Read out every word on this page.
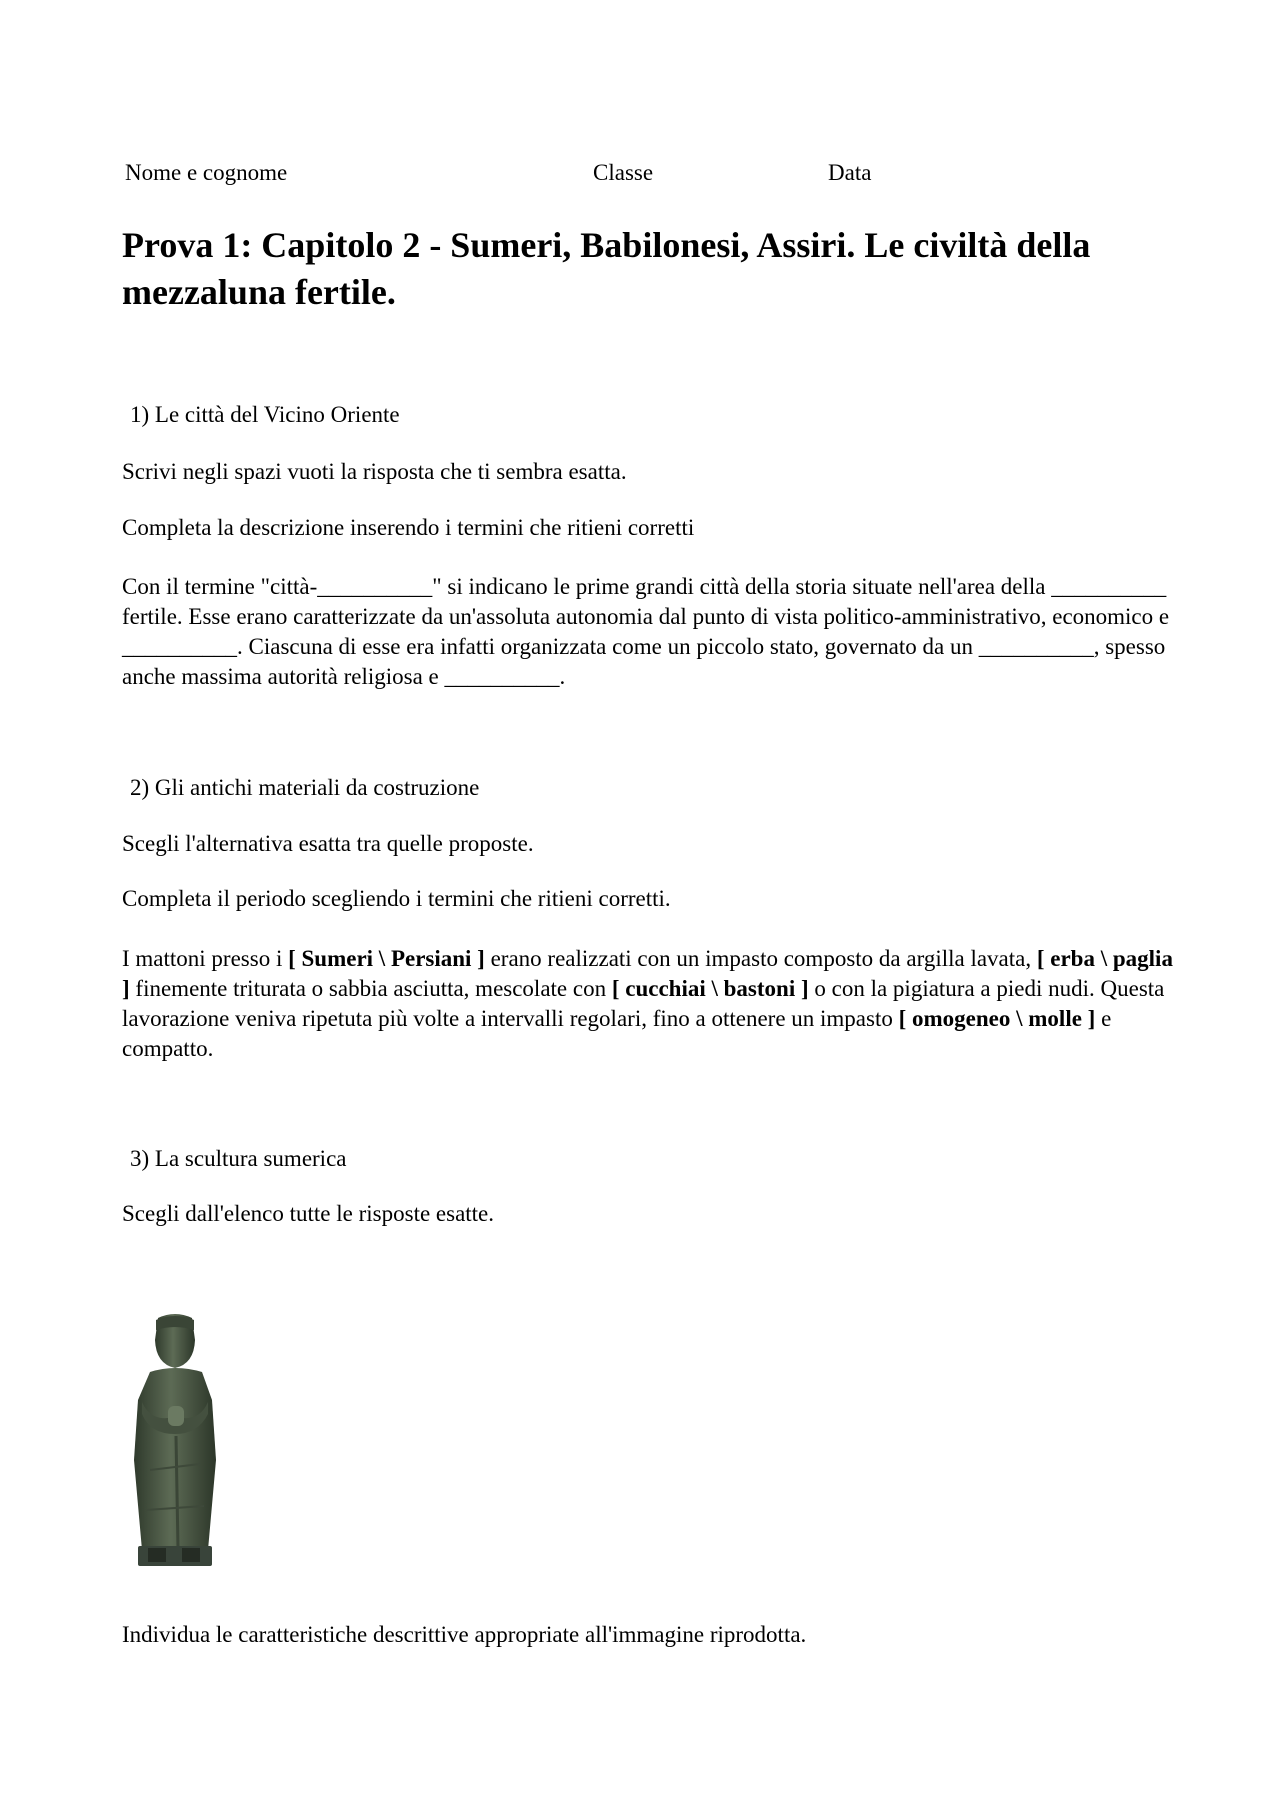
Nome e cognome	Classe	Data
Prova 1: Capitolo 2 - Sumeri, Babilonesi, Assiri. Le civiltà della mezzaluna fertile.
1) Le città del Vicino Oriente
Scrivi negli spazi vuoti la risposta che ti sembra esatta.
Completa la descrizione inserendo i termini che ritieni corretti

Con il termine "città-__________" si indicano le prime grandi città della storia situate nell'area della __________ fertile. Esse erano caratterizzate da un'assoluta autonomia dal punto di vista politico-amministrativo, economico e __________. Ciascuna di esse era infatti organizzata come un piccolo stato, governato da un __________, spesso anche massima autorità religiosa e __________.

2) Gli antichi materiali da costruzione
Scegli l'alternativa esatta tra quelle proposte.
Completa il periodo scegliendo i termini che ritieni corretti.

I mattoni presso i [ Sumeri \ Persiani ] erano realizzati con un impasto composto da argilla lavata, [ erba \ paglia ] finemente triturata o sabbia asciutta, mescolate con [ cucchiai \ bastoni ] o con la pigiatura a piedi nudi. Questa lavorazione veniva ripetuta più volte a intervalli regolari, fino a ottenere un impasto [ omogeneo \ molle ] e compatto.

3) La scultura sumerica
Scegli dall'elenco tutte le risposte esatte.
Individua le caratteristiche descrittive appropriate all'immagine riprodotta.
